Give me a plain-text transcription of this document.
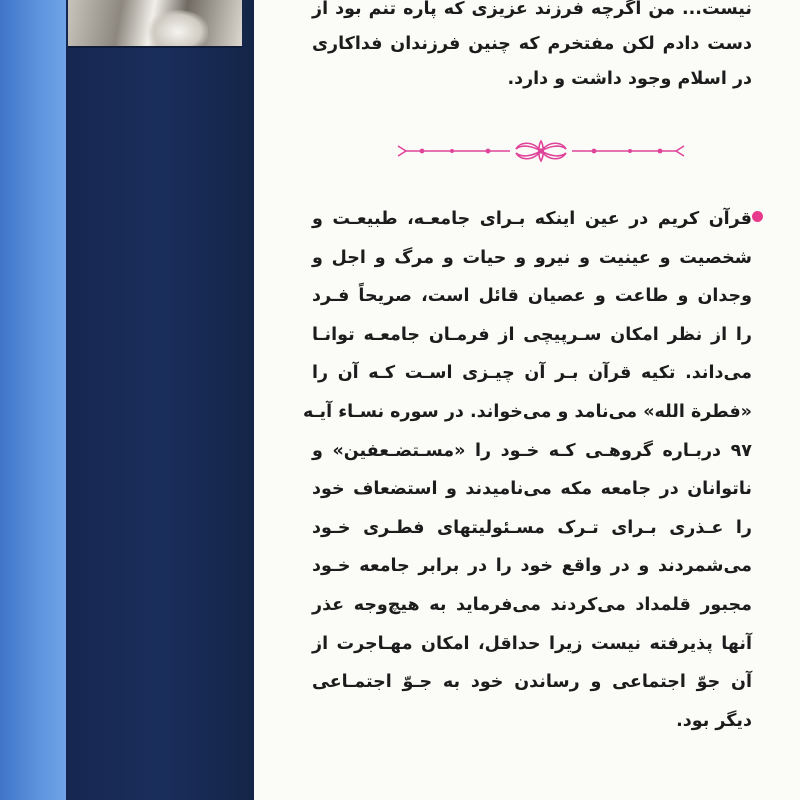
نیست... من اگرچه فرزند عزیزی که پاره تنم بود از
دست دادم لکن مفتخرم که چنین فرزندان فداکاری
در اسلام وجود داشت و دارد.
قرآن کریم در عین اینکه بـرای جامعـه، طبیعـت و
شخصیت و عینیت و نیرو و حیات و مرگ و اجل و
وجدان و طاعت و عصیان قائل است، صریحاً فـرد
را از نظر امکان سـرپیچی از فرمـان جامعـه توانـا
می‌داند. تکیه قرآن بـر آن چیـزی اسـت کـه آن را
«فطرة الله» می‌نامد و می‌خواند. در سوره نسـاء آیـه
۹۷ دربـاره گروهـی کـه خـود را «مسـتضـعفین» و
ناتوانان در جامعه مکه می‌نامیدند و استضعاف خود
را عـذری بـرای تـرک مسـئولیتهای فطـری خـود
می‌شمردند و در واقع خود را در برابر جامعه خـود
مجبور قلمداد می‌کردند می‌فرماید به هیچ‌وجه عذر
آنها پذیرفته نیست زیرا حداقل، امکان مهـاجرت از
آن جوّ اجتماعی و رساندن خود به جـوّ اجتمـاعی
دیگر بود.
